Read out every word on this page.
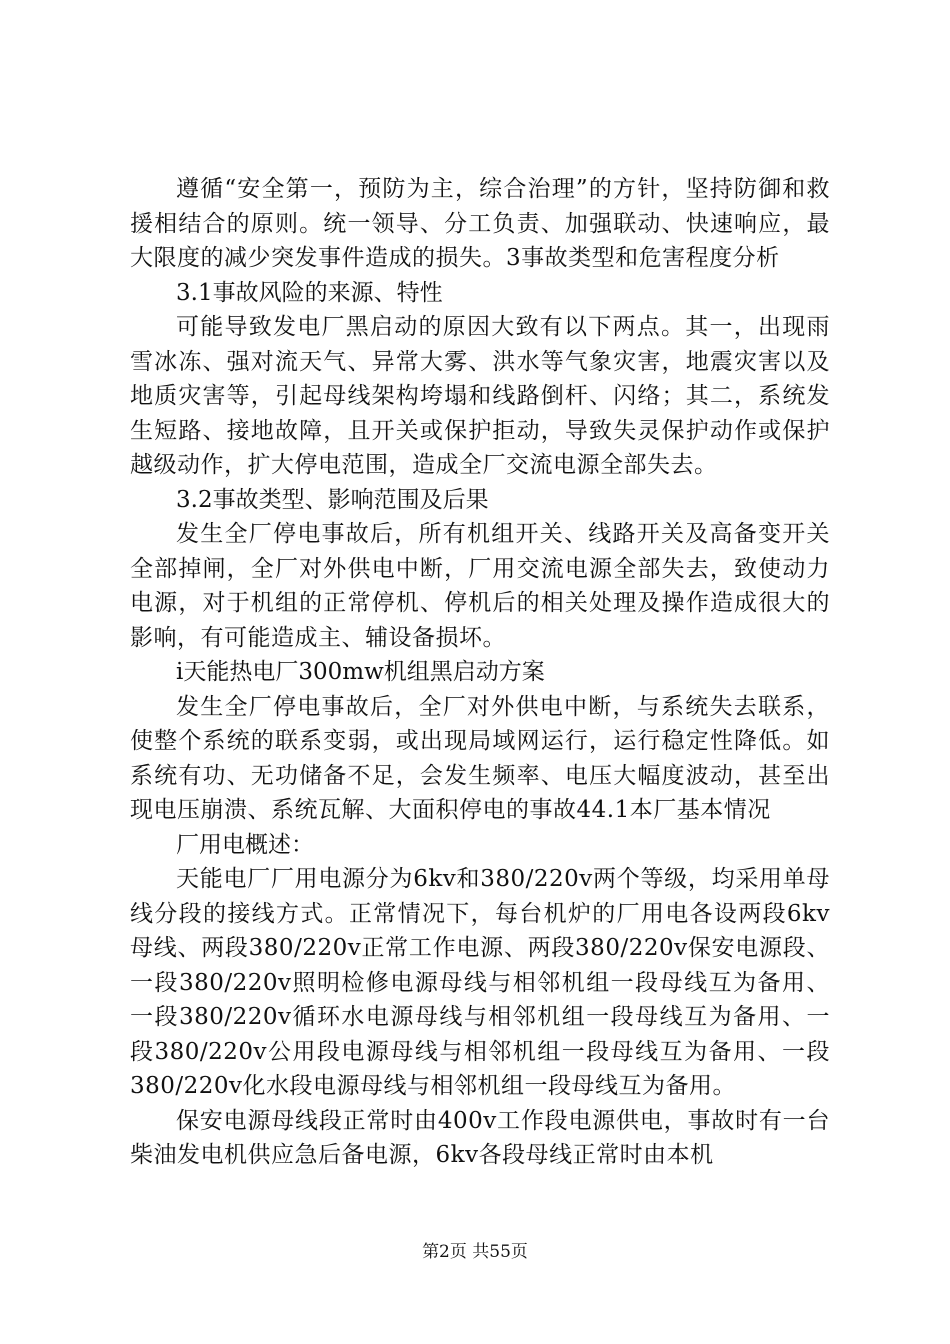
遵循“安全第一，预防为主，综合治理”的方针，坚持防御和救援相结合的原则。统一领导、分工负责、加强联动、快速响应，最大限度的减少突发事件造成的损失。3事故类型和危害程度分析

3.1事故风险的来源、特性

可能导致发电厂黑启动的原因大致有以下两点。其一，出现雨雪冰冻、强对流天气、异常大雾、洪水等气象灾害，地震灾害以及地质灾害等，引起母线架构垮塌和线路倒杆、闪络；其二，系统发生短路、接地故障，且开关或保护拒动，导致失灵保护动作或保护越级动作，扩大停电范围，造成全厂交流电源全部失去。

3.2事故类型、影响范围及后果

发生全厂停电事故后，所有机组开关、线路开关及高备变开关全部掉闸，全厂对外供电中断，厂用交流电源全部失去，致使动力电源，对于机组的正常停机、停机后的相关处理及操作造成很大的影响，有可能造成主、辅设备损坏。

i天能热电厂300mw机组黑启动方案

发生全厂停电事故后，全厂对外供电中断，与系统失去联系，使整个系统的联系变弱，或出现局域网运行，运行稳定性降低。如系统有功、无功储备不足，会发生频率、电压大幅度波动，甚至出现电压崩溃、系统瓦解、大面积停电的事故44.1本厂基本情况

厂用电概述：

天能电厂厂用电源分为6kv和380/220v两个等级，均采用单母线分段的接线方式。正常情况下，每台机炉的厂用电各设两段6kv母线、两段380/220v正常工作电源、两段380/220v保安电源段、一段380/220v照明检修电源母线与相邻机组一段母线互为备用、一段380/220v循环水电源母线与相邻机组一段母线互为备用、一段380/220v公用段电源母线与相邻机组一段母线互为备用、一段380/220v化水段电源母线与相邻机组一段母线互为备用。

保安电源母线段正常时由400v工作段电源供电，事故时有一台柴油发电机供应急后备电源，6kv各段母线正常时由本机

第2页 共55页
